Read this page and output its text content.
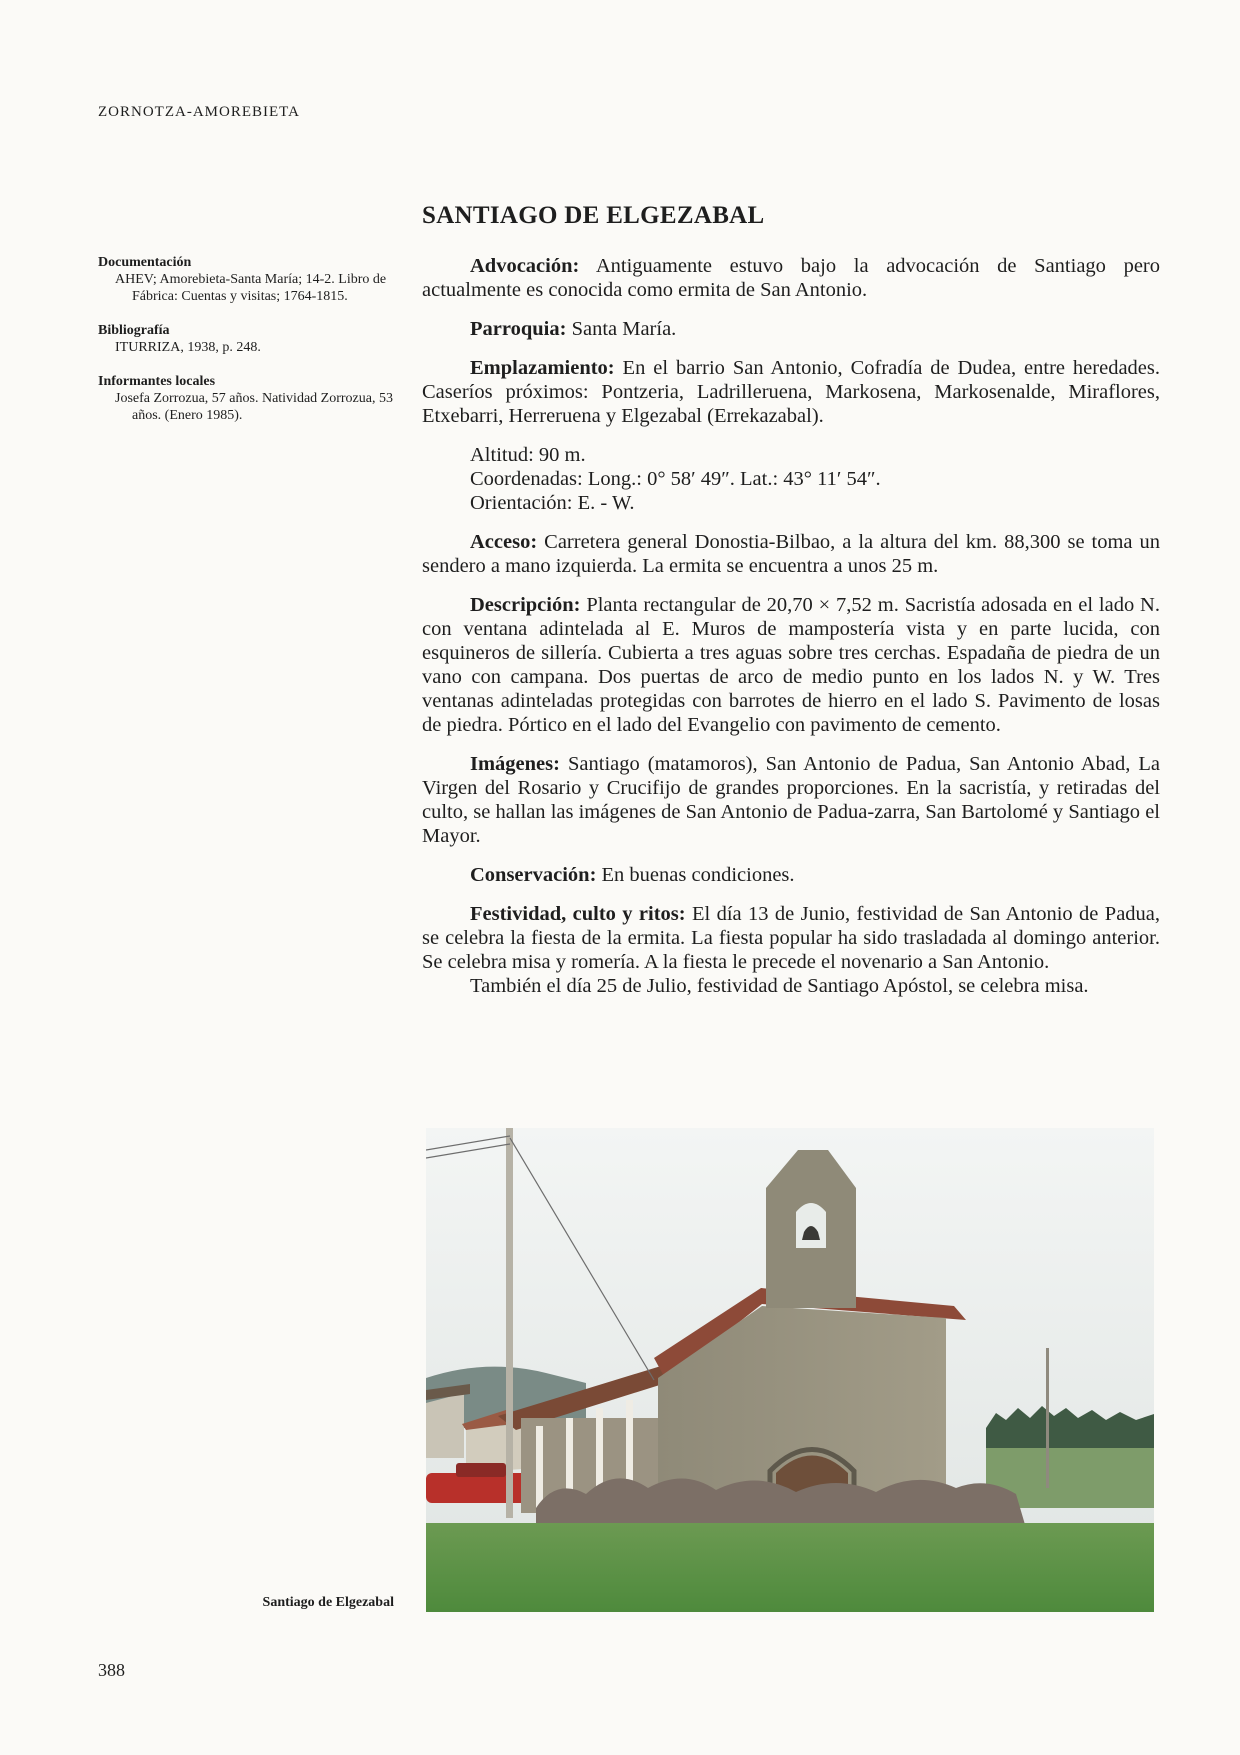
ZORNOTZA-AMOREBIETA
SANTIAGO DE ELGEZABAL
Documentación
AHEV; Amorebieta-Santa María; 14-2. Libro de Fábrica: Cuentas y visitas; 1764-1815.
Bibliografía
ITURRIZA, 1938, p. 248.
Informantes locales
Josefa Zorrozua, 57 años. Natividad Zorrozua, 53 años. (Enero 1985).

Advocación: Antiguamente estuvo bajo la advocación de Santiago pero actualmente es conocida como ermita de San Antonio.

Parroquia: Santa María.

Emplazamiento: En el barrio San Antonio, Cofradía de Dudea, entre heredades. Caseríos próximos: Pontzeria, Ladrilleruena, Markosena, Markosenalde, Miraflores, Etxebarri, Herreruena y Elgezabal (Errekazabal).

Altitud: 90 m.
Coordenadas: Long.: 0° 58′ 49″. Lat.: 43° 11′ 54″.
Orientación: E. - W.

Acceso: Carretera general Donostia-Bilbao, a la altura del km. 88,300 se toma un sendero a mano izquierda. La ermita se encuentra a unos 25 m.

Descripción: Planta rectangular de 20,70 × 7,52 m. Sacristía adosada en el lado N. con ventana adintelada al E. Muros de mampostería vista y en parte lucida, con esquineros de sillería. Cubierta a tres aguas sobre tres cerchas. Espadaña de piedra de un vano con campana. Dos puertas de arco de medio punto en los lados N. y W. Tres ventanas adinteladas protegidas con barrotes de hierro en el lado S. Pavimento de losas de piedra. Pórtico en el lado del Evangelio con pavimento de cemento.

Imágenes: Santiago (matamoros), San Antonio de Padua, San Antonio Abad, La Virgen del Rosario y Crucifijo de grandes proporciones. En la sacristía, y retiradas del culto, se hallan las imágenes de San Antonio de Padua-zarra, San Bartolomé y Santiago el Mayor.

Conservación: En buenas condiciones.

Festividad, culto y ritos: El día 13 de Junio, festividad de San Antonio de Padua, se celebra la fiesta de la ermita. La fiesta popular ha sido trasladada al domingo anterior. Se celebra misa y romería. A la fiesta le precede el novenario a San Antonio.

También el día 25 de Julio, festividad de Santiago Apóstol, se celebra misa.

Santiago de Elgezabal
388
